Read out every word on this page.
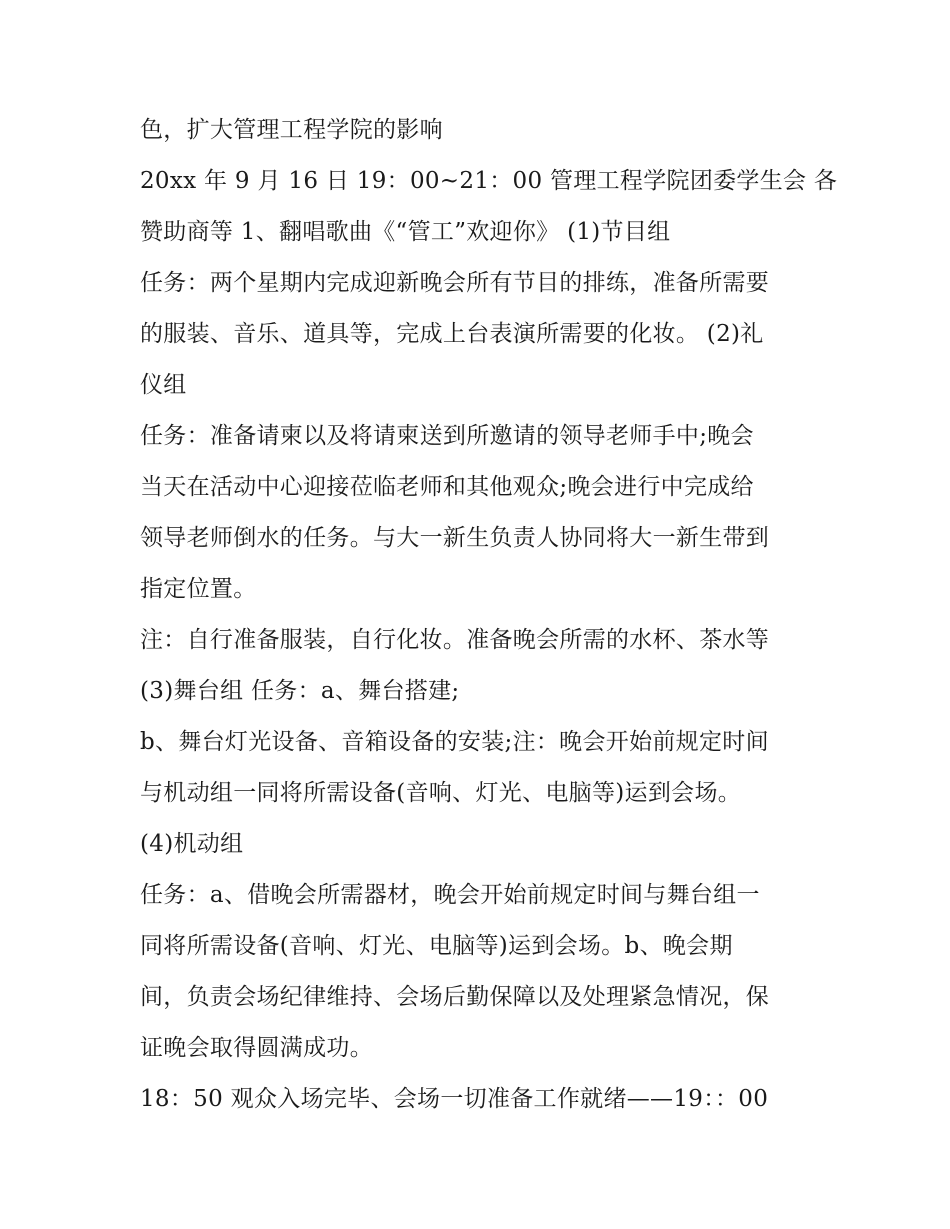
色，扩大管理工程学院的影响
20xx 年 9 月 16 日 19：00~21：00 管理工程学院团委学生会 各
赞助商等 1、翻唱歌曲《“管工”欢迎你》 (1)节目组
任务：两个星期内完成迎新晚会所有节目的排练，准备所需要
的服装、音乐、道具等，完成上台表演所需要的化妆。 (2)礼
仪组
任务：准备请柬以及将请柬送到所邀请的领导老师手中;晚会
当天在活动中心迎接莅临老师和其他观众;晚会进行中完成给
领导老师倒水的任务。与大一新生负责人协同将大一新生带到
指定位置。
注：自行准备服装，自行化妆。准备晚会所需的水杯、茶水等
(3)舞台组 任务：a、舞台搭建;
b、舞台灯光设备、音箱设备的安装;注：晚会开始前规定时间
与机动组一同将所需设备(音响、灯光、电脑等)运到会场。
(4)机动组
任务：a、借晚会所需器材，晚会开始前规定时间与舞台组一
同将所需设备(音响、灯光、电脑等)运到会场。b、晚会期
间，负责会场纪律维持、会场后勤保障以及处理紧急情况，保
证晚会取得圆满成功。
18：50 观众入场完毕、会场一切准备工作就绪——19：：00
